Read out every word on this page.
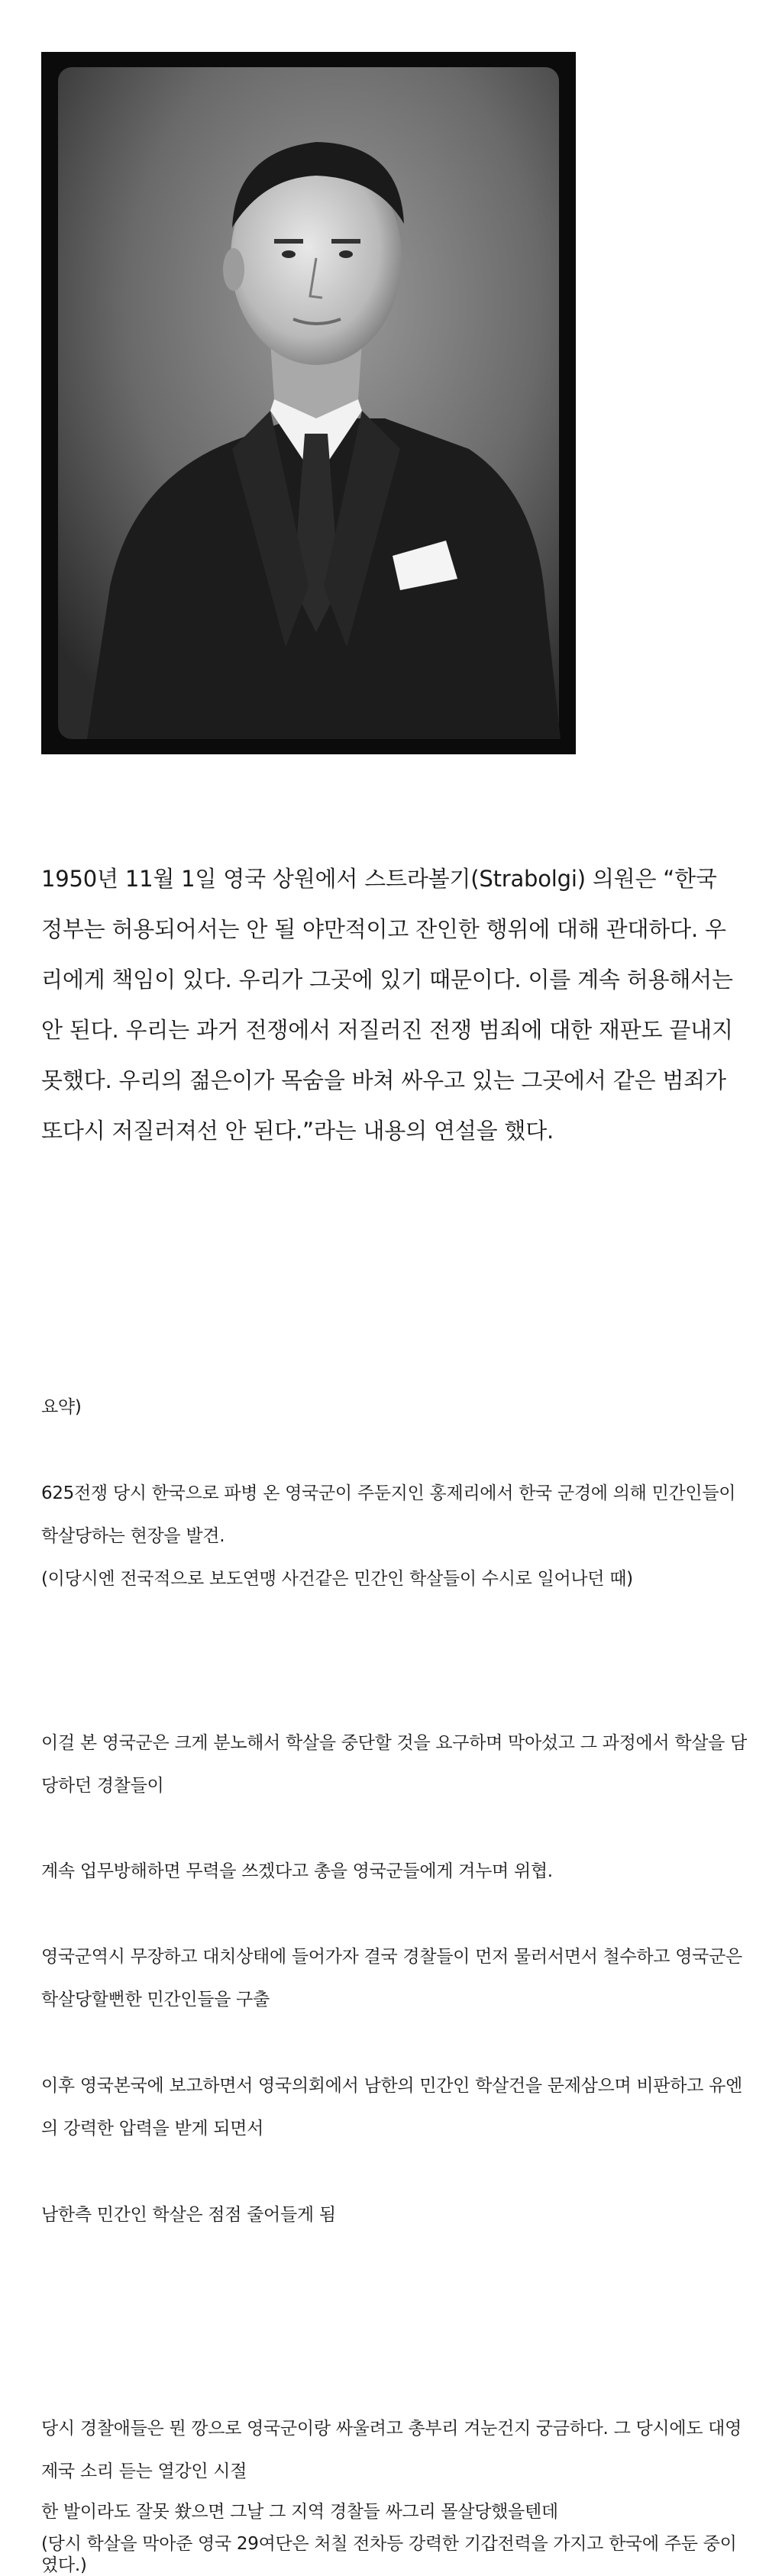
1950년 11월 1일 영국 상원에서 스트라볼기(Strabolgi) 의원은 “한국 정부는 허용되어서는 안 될 야만적이고 잔인한 행위에 대해 관대하다. 우리에게 책임이 있다. 우리가 그곳에 있기 때문이다. 이를 계속 허용해서는 안 된다. 우리는 과거 전쟁에서 저질러진 전쟁 범죄에 대한 재판도 끝내지 못했다. 우리의 젊은이가 목숨을 바쳐 싸우고 있는 그곳에서 같은 범죄가 또다시 저질러져선 안 된다.”라는 내용의 연설을 했다.

요약)

625전쟁 당시 한국으로 파병 온 영국군이 주둔지인 홍제리에서 한국 군경에 의해 민간인들이 학살당하는 현장을 발견.

(이당시엔 전국적으로 보도연맹 사건같은 민간인 학살들이 수시로 일어나던 때)

이걸 본 영국군은 크게 분노해서 학살을 중단할 것을 요구하며 막아섰고 그 과정에서 학살을 담당하던 경찰들이

계속 업무방해하면 무력을 쓰겠다고 총을 영국군들에게 겨누며 위협.

영국군역시 무장하고 대치상태에 들어가자 결국 경찰들이 먼저 물러서면서 철수하고 영국군은 학살당할뻔한 민간인들을 구출

이후 영국본국에 보고하면서 영국의회에서 남한의 민간인 학살건을 문제삼으며 비판하고 유엔의 강력한 압력을 받게 되면서

남한측 민간인 학살은 점점 줄어들게 됨

당시 경찰애들은 뭔 깡으로 영국군이랑 싸울려고 총부리 겨눈건지 궁금하다. 그 당시에도 대영제국 소리 듣는 열강인 시절

한 발이라도 잘못 쐈으면 그날 그 지역 경찰들 싸그리 몰살당했을텐데

(당시 학살을 막아준 영국 29여단은 처칠 전차등 강력한 기갑전력을 가지고 한국에 주둔 중이였다.)
